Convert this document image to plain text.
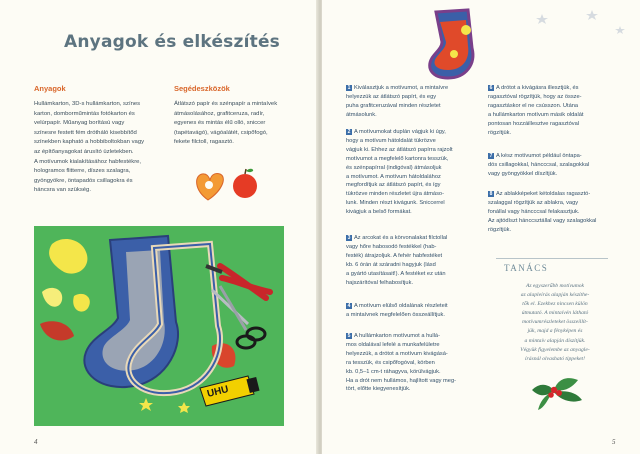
Anyagok és elkészítés
Anyagok
Hullámkarton, 3D-s hullámkarton, színes
karton, domborműmintás fotókarton és
velúrpapír. Műanyag borítású vagy
színesre festett fém drótháló kisebbítőd
színekben kapható a hobbiboltokban vagy
az építőanyagokat árusító üzletekben.
A motívumok kialakításához habfestékre,
hologramos flitterre, díszes szalagra,
gyöngyökre, öntapadós csillagokra és
háncsra van szükség.
Segédeszközök
Átlátszó papír és szénpapír a mintaívek
átmásolásához, grafitceruza, radír,
egyenes és mintás élű olló, sniccer
(tapétavágó), vágóalátét, csipőfogó,
fekete filctoll, ragasztó.
UHU
4
1 Kiválasztjuk a motívumot, a mintaívre
helyezzük az átlátszó papírt, és egy
puha grafitceruzával minden részletet
átmásolunk.
2 A motívumokat duplán vágjuk ki úgy,
hogy a motívum hátoldalát tükrözve
vágjuk ki. Ehhez az átlátszó papírra rajzolt
motívumot a megfelelő kartonra tesszük,
és szénpapírral (indigóval) átmásoljuk
a motívumot. A motívum hátoldalához
megfordítjuk az átlátszó papírt, és így
tükrözve minden részletet újra átmáso-
lunk. Minden részt kivágunk. Sniccerrel
kivágjuk a belső formákat.
3 Az arcokat és a körvonalakat filctollal
vagy hőre habosodó festékkel (hab-
festék) átrajzoljuk. A fehér habfestéket
kb. 6 órán át száradni hagyjuk (lásd
a gyártó utasításait!). A festéket ez után
hajszárítóval felhabosítjuk.
4 A motívum elülső oldalának részleteit
a mintaívnek megfelelően összeállítjuk.
5 A hullámkarton motívumot a hullá-
mos oldalával lefelé a munkafelületre
helyezzük, a drótot a motívum kivágásá-
ra tesszük, és csipőfogóval, körben
kb. 0,5–1 cm-t ráhagyva, körülvágjuk.
Ha a drót nem hullámos, hajlított vagy meg-
tört, előtte kiegyenesítjük.
6 A drótot a kivágásra illesztjük, és
ragasztóval rögzítjük, hogy az össze-
ragasztáskor el ne csússzon. Utána
a hullámkarton motívum másik oldalát
pontosan hozzáillesztve ragasztóval
rögzítjük.
7 A kész motívumot például öntapa-
dós csillagokkal, háncccsal, szalagokkal
vagy gyöngyökkel díszítjük.
8 Az ablakképeket kétoldalas ragasztó-
szalaggal rögzítjük az ablakra, vagy
fonállal vagy háncccsal felakasztjuk.
Az ajtódíszt hánccsztállal vagy szalagokkal
rögzítjük.
5
TANÁCS
Az egyszerűbb motívumok
az alapleírás alapján készíthe-
tők el. Ezekhez nincsen külön
útmutató. A mintaívén látható
motívumrészleteket összeillít-
jük, majd a fényképen és
a mintaív alapján díszítjük.
Végyük figyelembe az anyagle-
írásnál olvasható tippeket!
